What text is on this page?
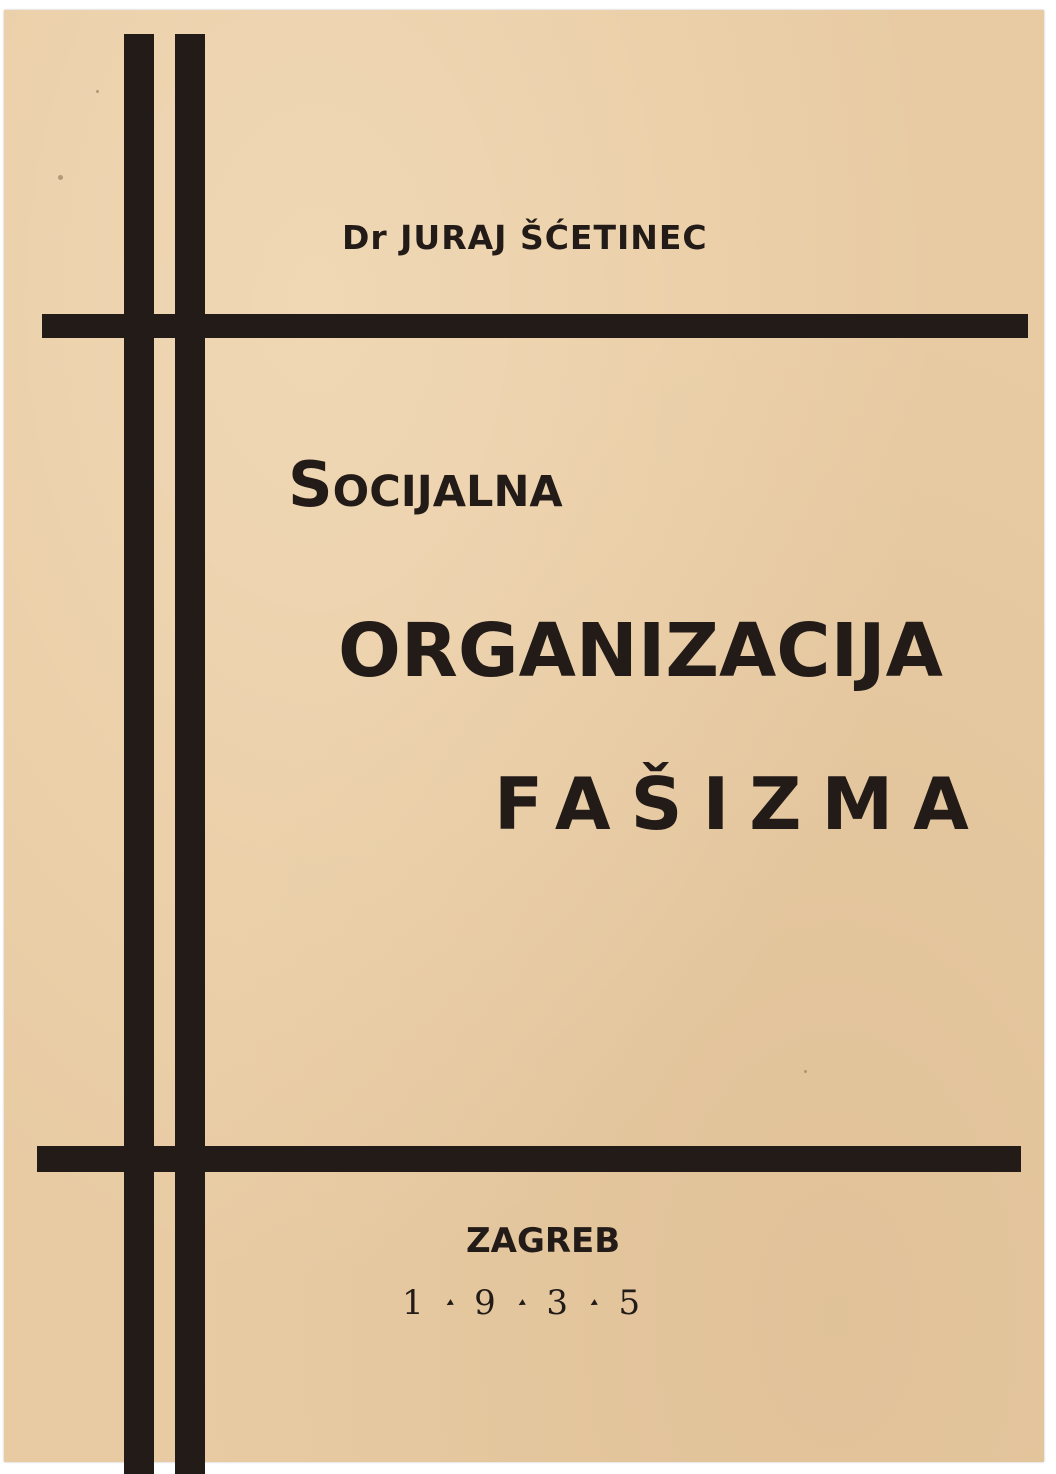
Dr JURAJ ŠĆETINEC
Socijalna
ORGANIZACIJA
FAŠIZMA
ZAGREB
1 ◂ 9 ◂ 3 ◂ 5
